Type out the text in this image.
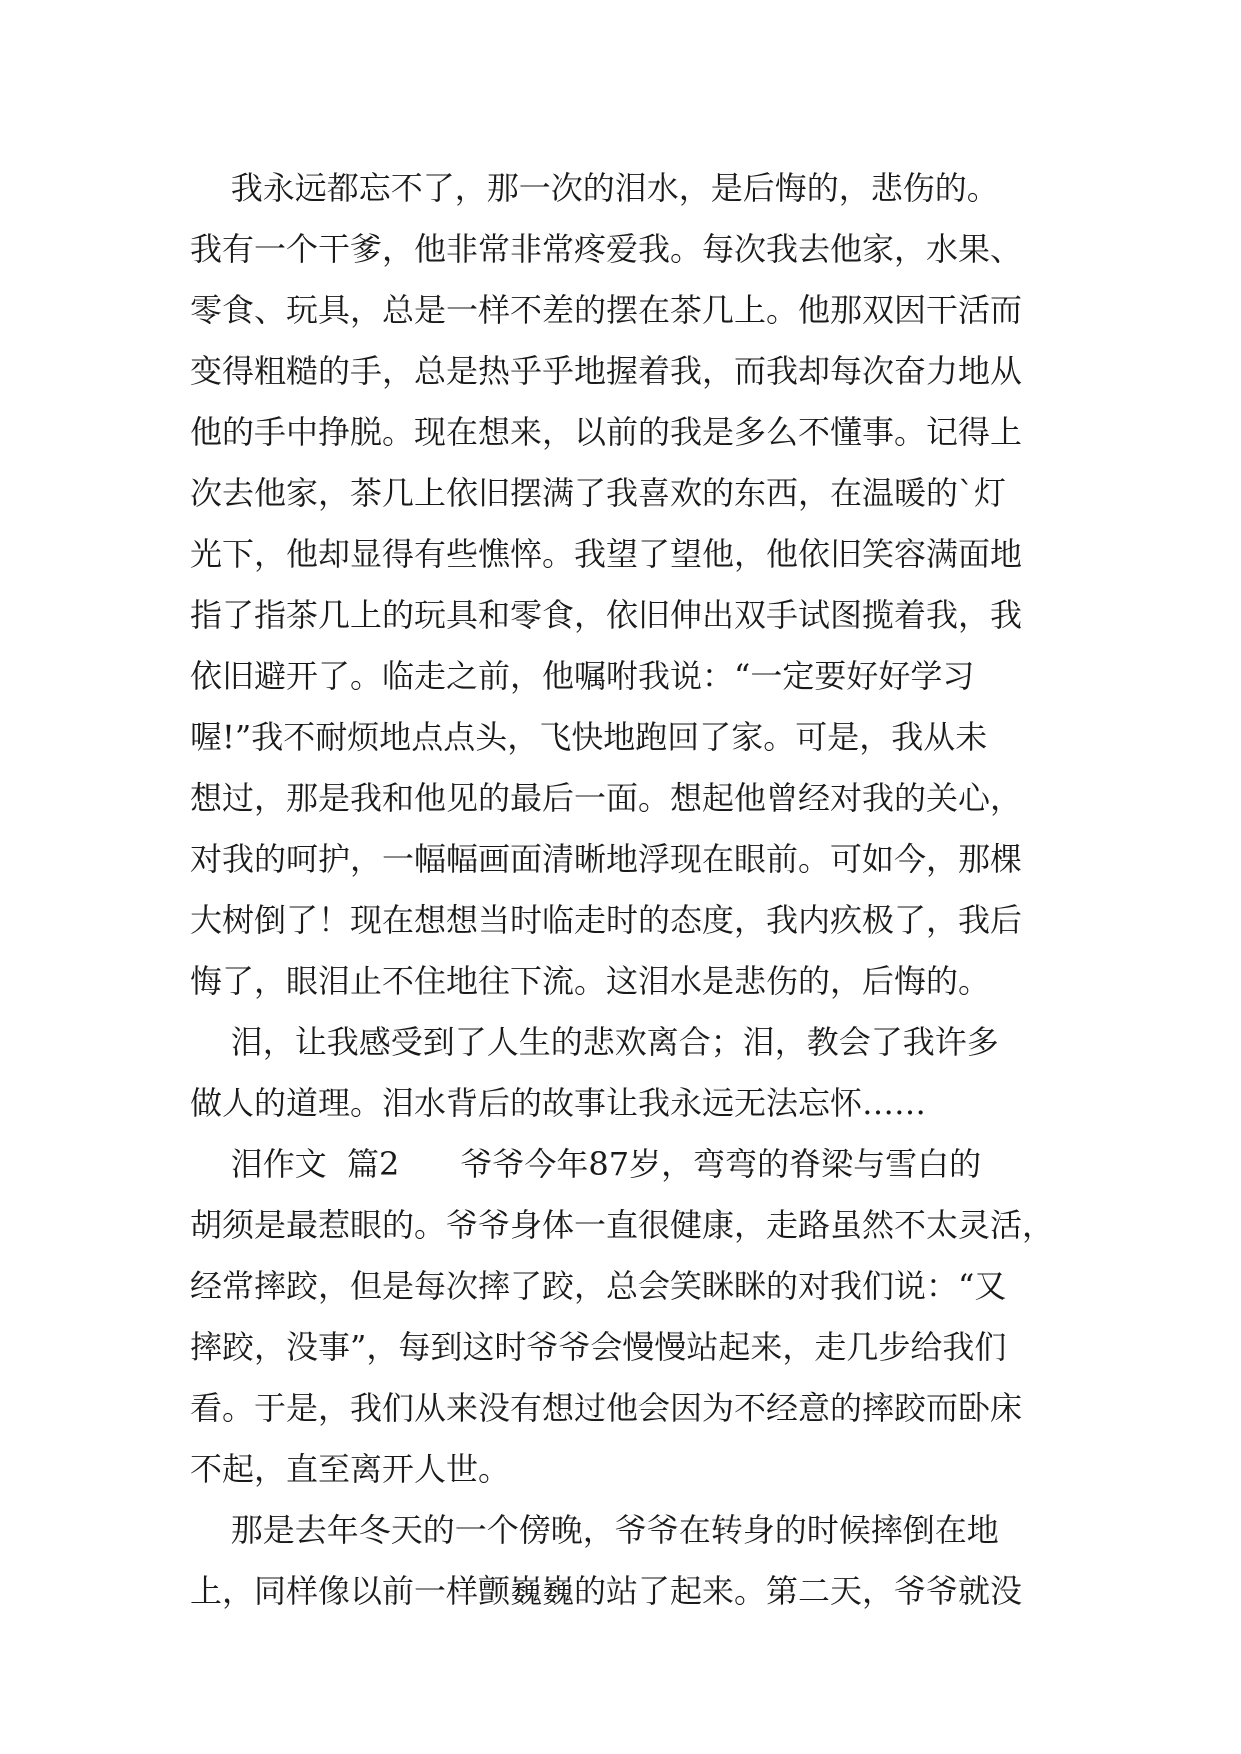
我永远都忘不了，那一次的泪水，是后悔的，悲伤的。
我有一个干爹，他非常非常疼爱我。每次我去他家，水果、
零食、玩具，总是一样不差的摆在茶几上。他那双因干活而
变得粗糙的手，总是热乎乎地握着我，而我却每次奋力地从
他的手中挣脱。现在想来，以前的我是多么不懂事。记得上
次去他家，茶几上依旧摆满了我喜欢的东西，在温暖的`灯
光下，他却显得有些憔悴。我望了望他，他依旧笑容满面地
指了指茶几上的玩具和零食，依旧伸出双手试图揽着我，我
依旧避开了。临走之前，他嘱咐我说：“一定要好好学习
喔!”我不耐烦地点点头，飞快地跑回了家。可是，我从未
想过，那是我和他见的最后一面。想起他曾经对我的关心，
对我的呵护，一幅幅画面清晰地浮现在眼前。可如今，那棵
大树倒了！现在想想当时临走时的态度，我内疚极了，我后
悔了，眼泪止不住地往下流。这泪水是悲伤的，后悔的。
泪，让我感受到了人生的悲欢离合；泪，教会了我许多
做人的道理。泪水背后的故事让我永远无法忘怀……
泪作文  篇2      爷爷今年87岁，弯弯的脊梁与雪白的
胡须是最惹眼的。爷爷身体一直很健康，走路虽然不太灵活，
经常摔跤，但是每次摔了跤，总会笑眯眯的对我们说：“又
摔跤，没事”，每到这时爷爷会慢慢站起来，走几步给我们
看。于是，我们从来没有想过他会因为不经意的摔跤而卧床
不起，直至离开人世。
那是去年冬天的一个傍晚，爷爷在转身的时候摔倒在地
上，同样像以前一样颤巍巍的站了起来。第二天，爷爷就没
